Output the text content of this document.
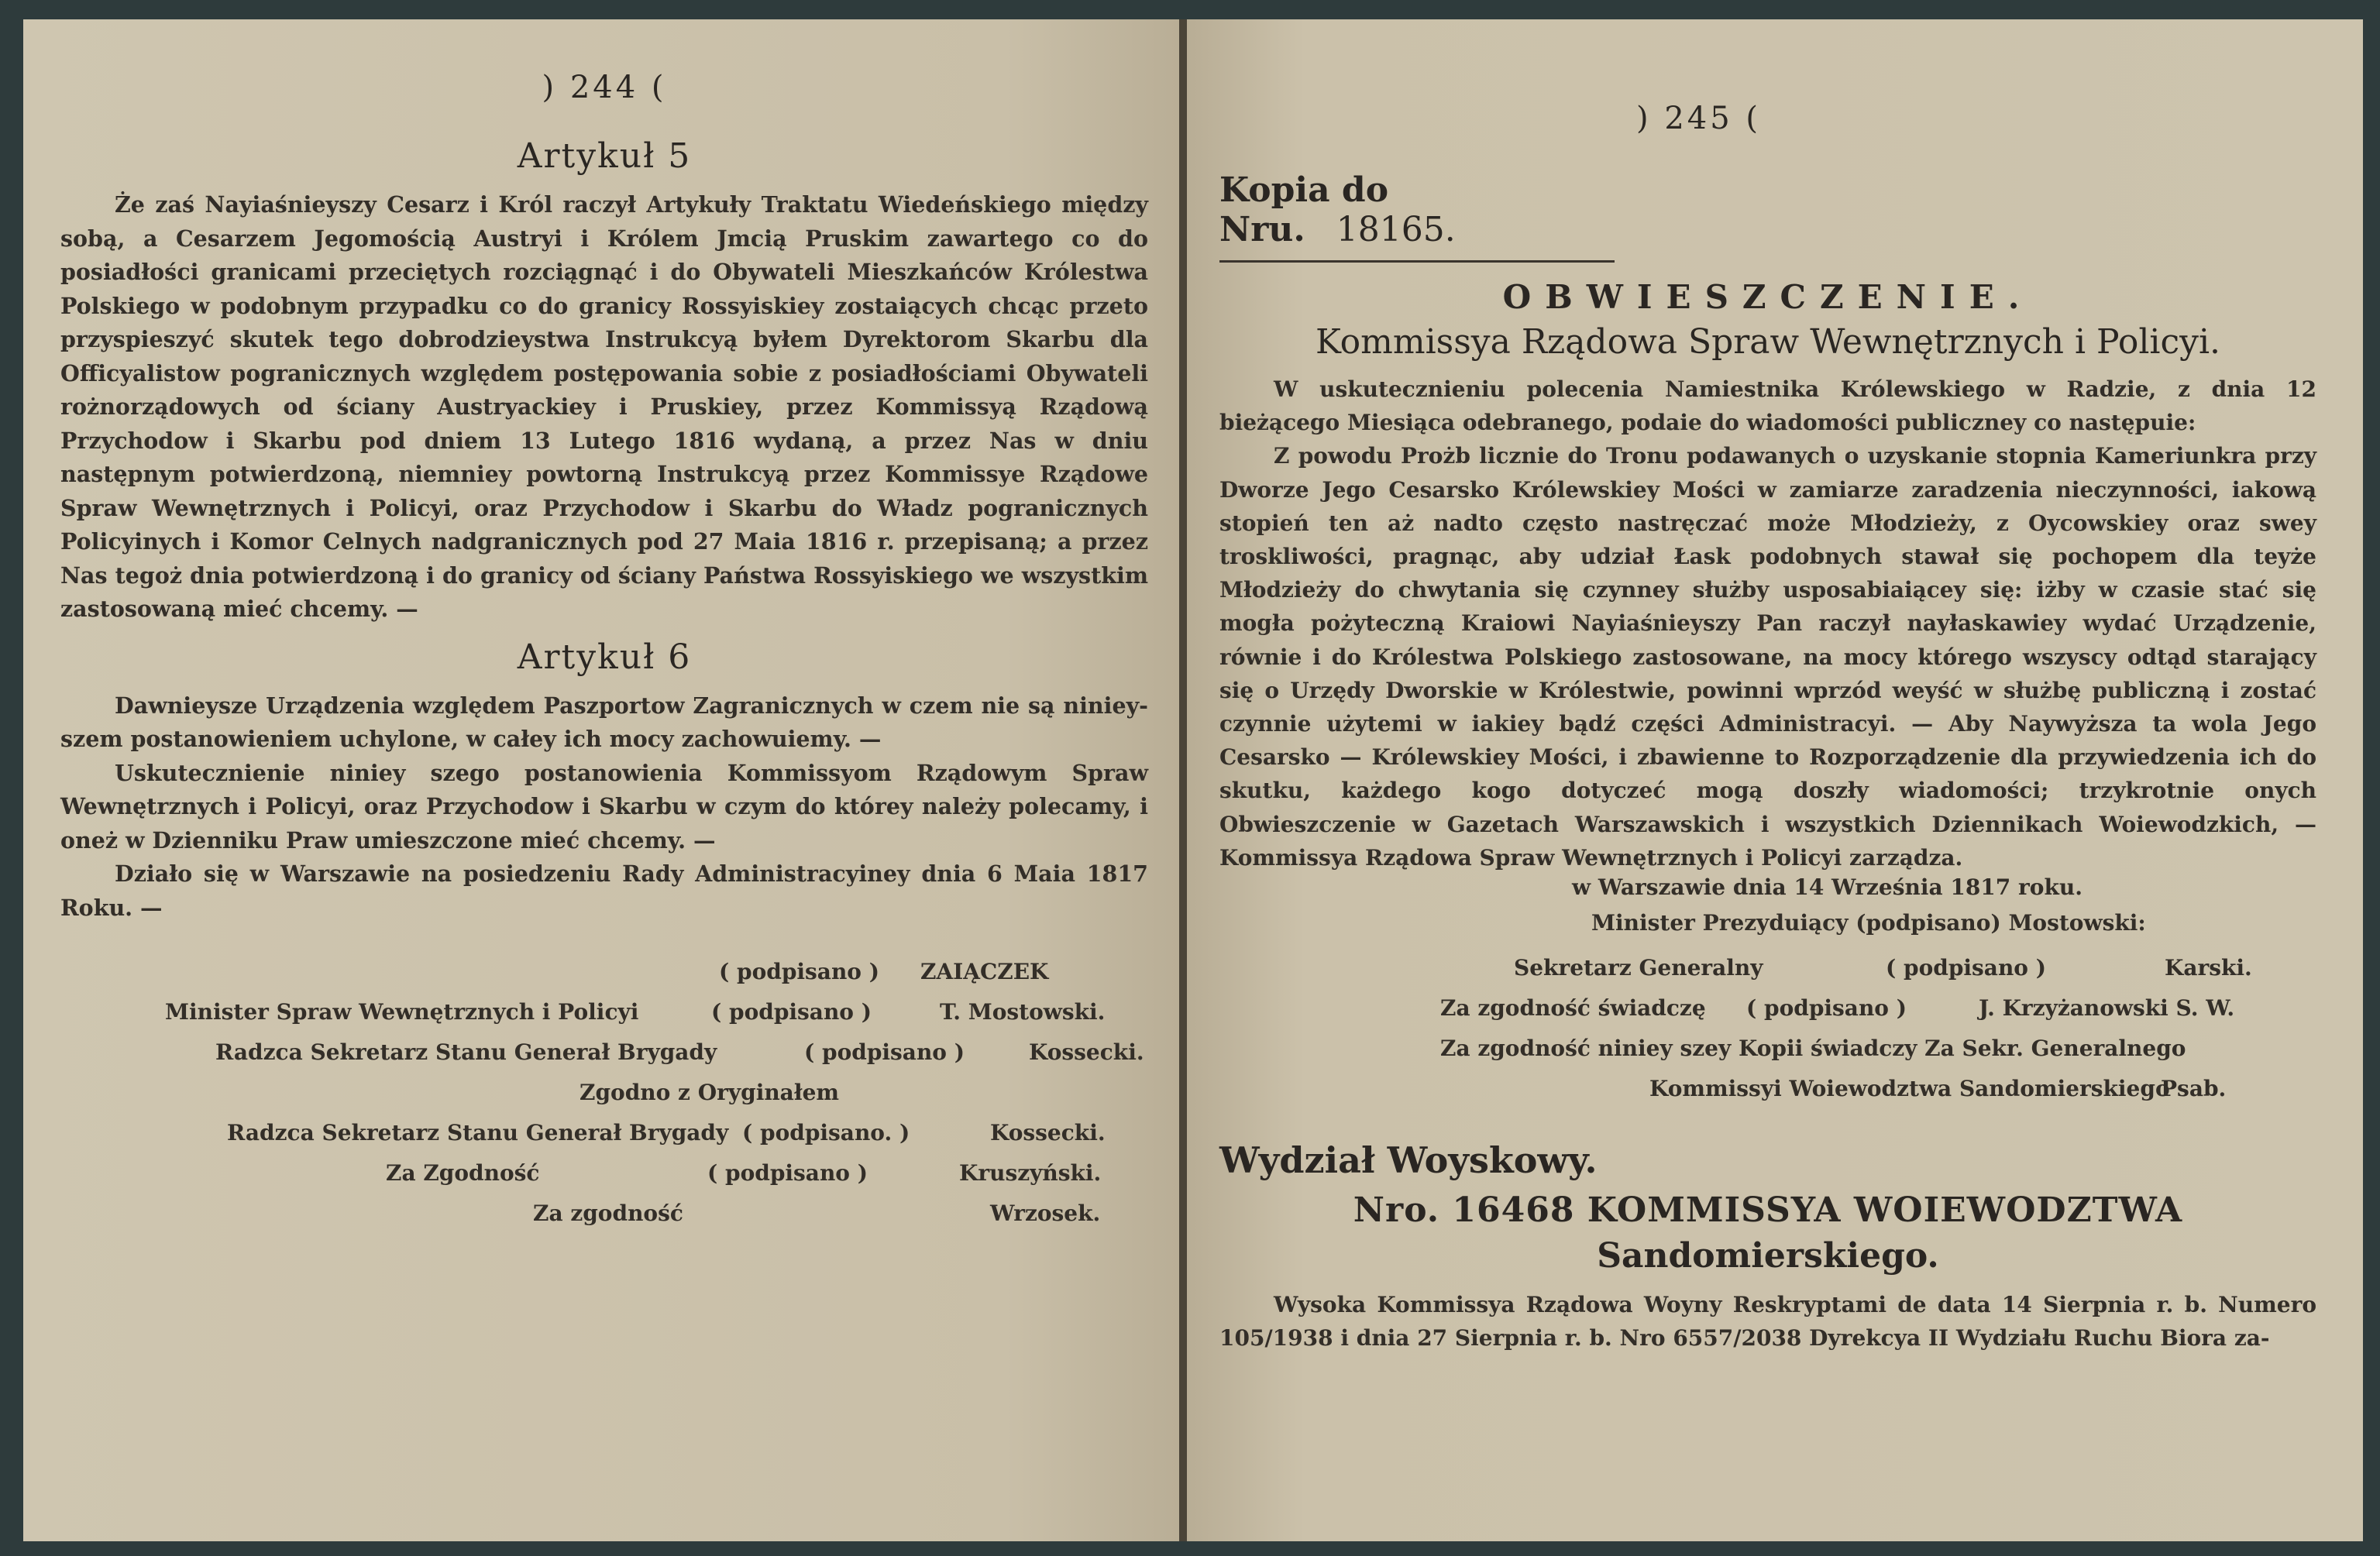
) 244 (
Artykuł 5

Że zaś Nayiaśnieyszy Cesarz i Król raczył Artykuły Traktatu Wiedeńskiego między sobą, a Cesarzem Jegomością Austryi i Królem Jmcią Pruskim zawartego co do posiadłości granicami przeciętych rozciągnąć i do Obywateli Mieszkańców Królestwa Polskiego w podobnym przypadku co do granicy Rossyiskiey zostaiących chcąc przeto przyspieszyć skutek tego dobrodzieystwa Instrukcyą byłem Dyrektorom Skarbu dla Officyalistow pogranicznych względem postępowania sobie z posiadłościami Obywateli rożnorządowych od ściany Austryackiey i Pruskiey, przez Kommissyą Rządową Przychodow i Skarbu pod dniem 13 Lutego 1816 wydaną, a przez Nas w dniu następnym potwierdzoną, niemniey powtorną Instrukcyą przez Kommissye Rządowe Spraw Wewnętrznych i Policyi, oraz Przychodow i Skarbu do Władz pogranicznych Policyinych i Komor Celnych nadgranicznych pod 27 Maia 1816 r. przepisaną; a przez Nas tegoż dnia potwierdzoną i do granicy od ściany Państwa Rossyiskiego we wszystkim zastosowaną mieć chcemy. —

Artykuł 6

Dawnieysze Urządzenia względem Paszportow Zagranicznych w czem nie są niniey- szem postanowieniem uchylone, w całey ich mocy zachowuiemy. —

Uskutecznienie niniey szego postanowienia Kommissyom Rządowym Spraw Wewnętrznych i Policyi, oraz Przychodow i Skarbu w czym do którey należy polecamy, i oneż w Dzienniku Praw umieszczone mieć chcemy. —

Działo się w Warszawie na posiedzeniu Rady Administracyiney dnia 6 Maia 1817 Roku. —

( podpisano ) ZAIĄCZEK
Minister Spraw Wewnętrznych i Policyi	( podpisano )	T. Mostowski.
Radzca Sekretarz Stanu Generał Brygady	( podpisano )	Kossecki.
Zgodno z Oryginałem
Radzca Sekretarz Stanu Generał Brygady ( podpisano. )	Kossecki.
Za Zgodność	( podpisano )	Kruszyński.
Za zgodność	Wrzosek.
) 245 (
Kopia do Nru. 18165.
OBWIESZCZENIE.
Kommissya Rządowa Spraw Wewnętrznych i Policyi.

W uskutecznieniu polecenia Namiestnika Królewskiego w Radzie, z dnia 12 bieżącego Miesiąca odebranego, podaie do wiadomości publiczney co następuie:

Z powodu Prożb licznie do Tronu podawanych o uzyskanie stopnia Kameriunkra przy Dworze Jego Cesarsko Królewskiey Mości w zamiarze zaradzenia nieczynności, iakową stopień ten aż nadto często nastręczać może Młodzieży, z Oycowskiey oraz swey troskliwości, pragnąc, aby udział Łask podobnych stawał się pochopem dla teyże Młodzieży do chwytania się czynney służby usposabiaiącey się: iżby w czasie stać się mogła pożyteczną Kraiowi Nayiaśnieyszy Pan raczył nayłaskawiey wydać Urządzenie, równie i do Królestwa Polskiego zastosowane, na mocy którego wszyscy odtąd starający się o Urzędy Dworskie w Królestwie, powinni wprzód weyść w służbę publiczną i zostać czynnie użytemi w iakiey bądź części Administracyi. — Aby Naywyższa ta wola Jego Cesarsko — Królewskiey Mości, i zbawienne to Rozporządzenie dla przywiedzenia ich do skutku, każdego kogo dotyczeć mogą doszły wiadomości; trzykrotnie onych Obwieszczenie w Gazetach Warszawskich i wszystkich Dziennikach Woiewodzkich, — Kommissya Rządowa Spraw Wewnętrznych i Policyi zarządza.

w Warszawie dnia 14 Września 1817 roku.
Minister Prezyduiący (podpisano) Mostowski:
Sekretarz Generalny	( podpisano )	Karski.
Za zgodność świadczę ( podpisano )	J. Krzyżanowski S. W.
Za zgodność niniey szey Kopii świadczy Za Sekr. Generalnego
Kommissyi Woiewodztwa Sandomierskiego
Psab.
Wydział Woyskowy.
Nro. 16468 KOMMISSYA WOIEWODZTWA
Sandomierskiego.

Wysoka Kommissya Rządowa Woyny Reskryptami de data 14 Sierpnia r. b. Numero 105/1938 i dnia 27 Sierpnia r. b. Nro 6557/2038 Dyrekcya II Wydziału Ruchu Biora za-
